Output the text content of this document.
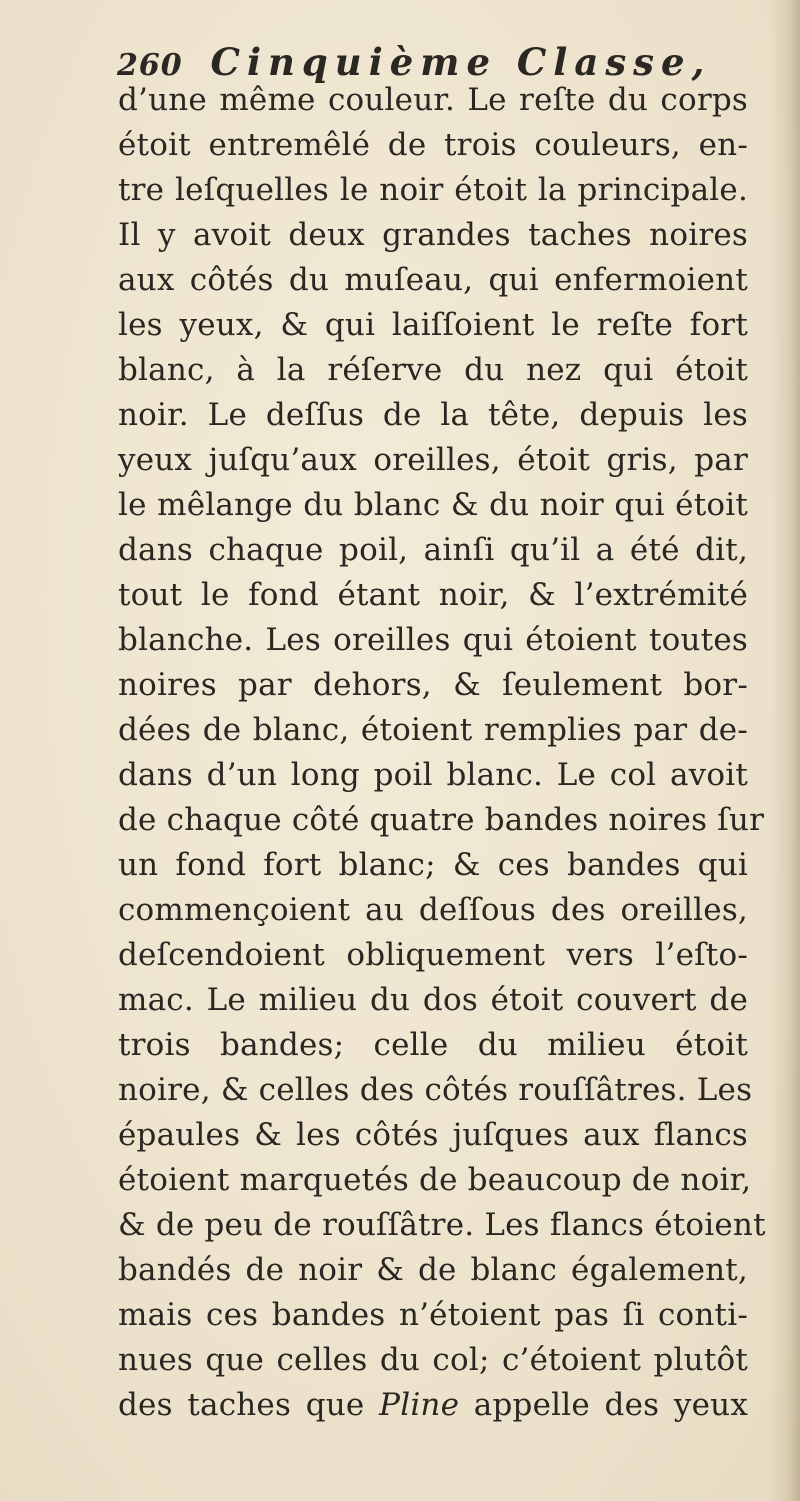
260 Cinquième Classe,
d’une même couleur. Le reſte du corps
étoit entremêlé de trois couleurs, en-
tre leſquelles le noir étoit la principale.
Il y avoit deux grandes taches noires
aux côtés du muſeau, qui enfermoient
les yeux, & qui laiſſoient le reſte fort
blanc, à la réſerve du nez qui étoit
noir. Le deſſus de la tête, depuis les
yeux juſqu’aux oreilles, étoit gris, par
le mêlange du blanc & du noir qui étoit
dans chaque poil, ainſi qu’il a été dit,
tout le fond étant noir, & l’extrémité
blanche. Les oreilles qui étoient toutes
noires par dehors, & ſeulement bor-
dées de blanc, étoient remplies par de-
dans d’un long poil blanc. Le col avoit
de chaque côté quatre bandes noires ſur
un fond fort blanc; & ces bandes qui
commençoient au deſſous des oreilles,
deſcendoient obliquement vers l’eſto-
mac. Le milieu du dos étoit couvert de
trois bandes; celle du milieu étoit
noire, & celles des côtés rouſſâtres. Les
épaules & les côtés juſques aux flancs
étoient marquetés de beaucoup de noir,
& de peu de rouſſâtre. Les flancs étoient
bandés de noir & de blanc également,
mais ces bandes n’étoient pas ſi conti-
nues que celles du col; c’étoient plutôt
des taches que Pline appelle des yeux
